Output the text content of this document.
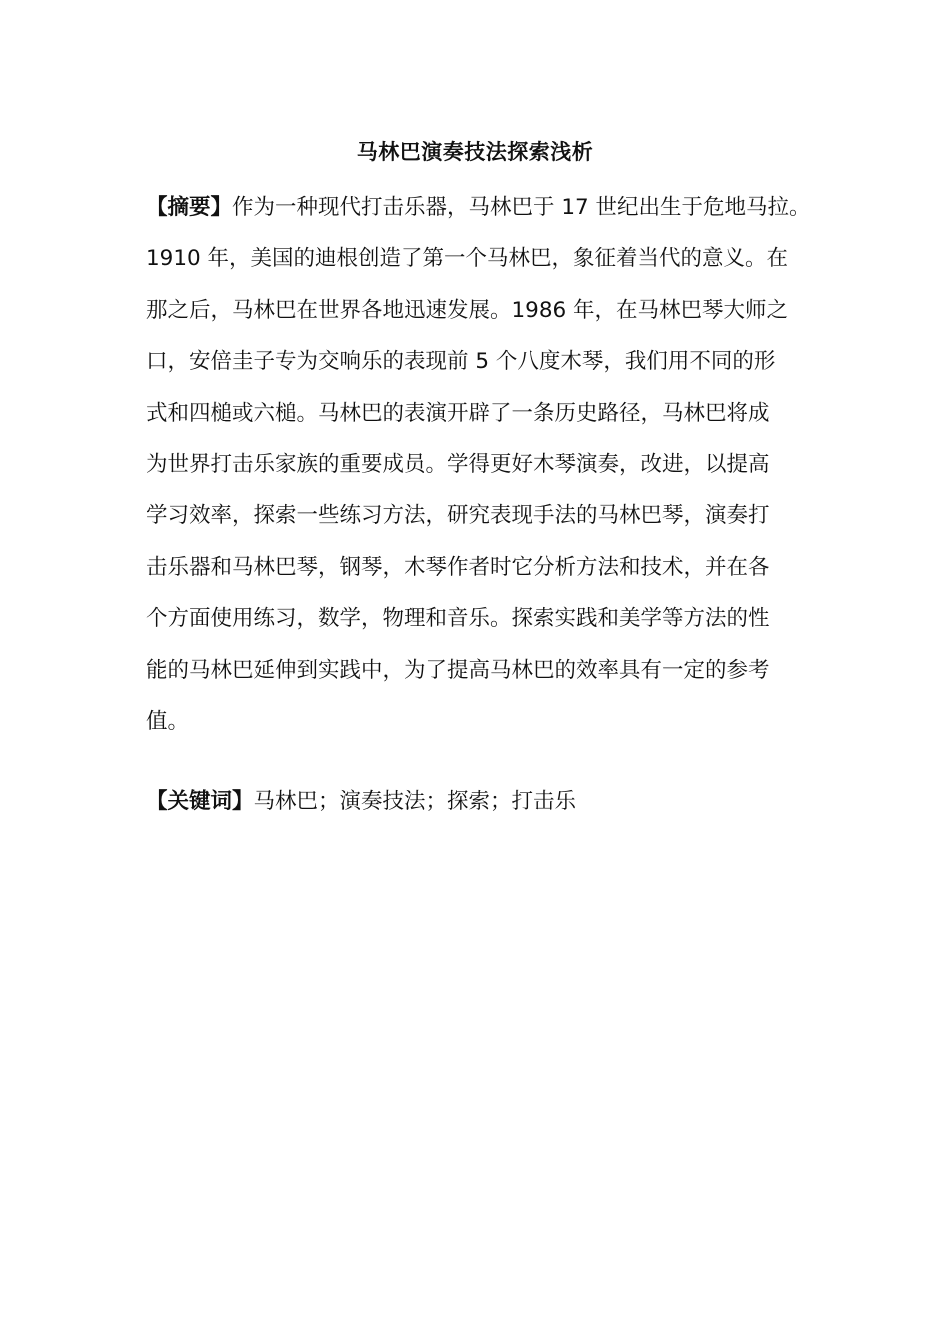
马林巴演奏技法探索浅析
【摘要】作为一种现代打击乐器，马林巴于 17 世纪出生于危地马拉。
1910 年，美国的迪根创造了第一个马林巴，象征着当代的意义。在
那之后，马林巴在世界各地迅速发展。1986 年，在马林巴琴大师之
口，安倍圭子专为交响乐的表现前 5 个八度木琴，我们用不同的形
式和四槌或六槌。马林巴的表演开辟了一条历史路径，马林巴将成
为世界打击乐家族的重要成员。学得更好木琴演奏，改进，以提高
学习效率，探索一些练习方法，研究表现手法的马林巴琴，演奏打
击乐器和马林巴琴，钢琴，木琴作者时它分析方法和技术，并在各
个方面使用练习，数学，物理和音乐。探索实践和美学等方法的性
能的马林巴延伸到实践中，为了提高马林巴的效率具有一定的参考
值。
【关键词】马林巴；演奏技法；探索；打击乐
